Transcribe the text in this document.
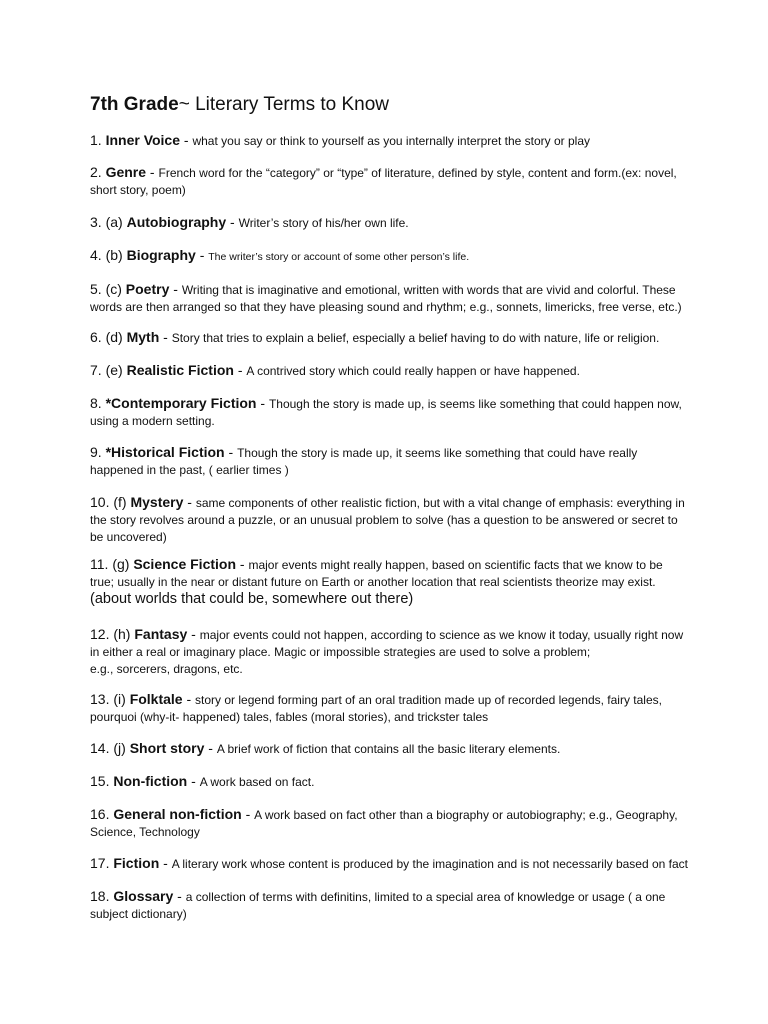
7th Grade~ Literary Terms to Know
1. Inner Voice - what you say or think to yourself as you internally interpret the story or play
2. Genre - French word for the “category” or “type” of literature, defined by style, content and form.(ex: novel, short story, poem)
3. (a) Autobiography - Writer’s story of his/her own life.
4. (b) Biography - The writer’s story or account of some other person’s life.
5. (c) Poetry - Writing that is imaginative and emotional, written with words that are vivid and colorful. These words are then arranged so that they have pleasing sound and rhythm; e.g., sonnets, limericks, free verse, etc.)
6. (d) Myth - Story that tries to explain a belief, especially a belief having to do with nature, life or religion.
7. (e) Realistic Fiction - A contrived story which could really happen or have happened.
8. *Contemporary Fiction - Though the story is made up, is seems like something that could happen now, using a modern setting.
9. *Historical Fiction - Though the story is made up, it seems like something that could have really happened in the past, ( earlier times )
10. (f) Mystery - same components of other realistic fiction, but with a vital change of emphasis: everything in the story revolves around a puzzle, or an unusual problem to solve (has a question to be answered or secret to be uncovered)
11. (g) Science Fiction - major events might really happen, based on scientific facts that we know to be true; usually in the near or distant future on Earth or another location that real scientists theorize may exist. (about worlds that could be, somewhere out there)
12. (h) Fantasy - major events could not happen, according to science as we know it today, usually right now in either a real or imaginary place. Magic or impossible strategies are used to solve a problem;
e.g., sorcerers, dragons, etc.
13. (i) Folktale - story or legend forming part of an oral tradition made up of recorded legends, fairy tales, pourquoi (why-it- happened) tales, fables (moral stories), and trickster tales
14. (j) Short story - A brief work of fiction that contains all the basic literary elements.
15. Non-fiction - A work based on fact.
16. General non-fiction - A work based on fact other than a biography or autobiography; e.g., Geography, Science, Technology
17. Fiction - A literary work whose content is produced by the imagination and is not necessarily based on fact
18. Glossary - a collection of terms with definitins, limited to a special area of knowledge or usage ( a one subject dictionary)
